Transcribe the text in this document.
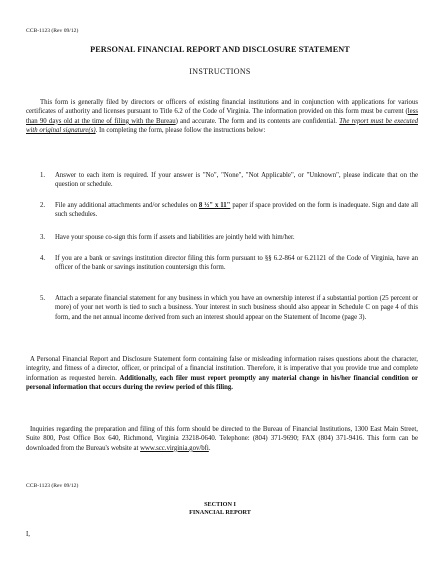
CCB-1123 (Rev 09/12)
PERSONAL FINANCIAL REPORT AND DISCLOSURE STATEMENT
INSTRUCTIONS

This form is generally filed by directors or officers of existing financial institutions and in conjunction with applications for various certificates of authority and licenses pursuant to Title 6.2 of the Code of Virginia. The information provided on this form must be current (less than 90 days old at the time of filing with the Bureau) and accurate. The form and its contents are confidential. The report must be executed with original signature(s). In completing the form, please follow the instructions below:

1. Answer to each item is required. If your answer is "No", "None", "Not Applicable", or "Unknown", please indicate that on the question or schedule.
2. File any additional attachments and/or schedules on 8 ½" x 11" paper if space provided on the form is inadequate. Sign and date all such schedules.
3. Have your spouse co-sign this form if assets and liabilities are jointly held with him/her.
4. If you are a bank or savings institution director filing this form pursuant to §§ 6.2-864 or 6.21121 of the Code of Virginia, have an officer of the bank or savings institution countersign this form.
5. Attach a separate financial statement for any business in which you have an ownership interest if a substantial portion (25 percent or more) of your net worth is tied to such a business. Your interest in such business should also appear in Schedule C on page 4 of this form, and the net annual income derived from such an interest should appear on the Statement of Income (page 3).

A Personal Financial Report and Disclosure Statement form containing false or misleading information raises questions about the character, integrity, and fitness of a director, officer, or principal of a financial institution. Therefore, it is imperative that you provide true and complete information as requested herein. Additionally, each filer must report promptly any material change in his/her financial condition or personal information that occurs during the review period of this filing.

Inquiries regarding the preparation and filing of this form should be directed to the Bureau of Financial Institutions, 1300 East Main Street, Suite 800, Post Office Box 640, Richmond, Virginia 23218-0640. Telephone: (804) 371-9690; FAX (804) 371-9416. This form can be downloaded from the Bureau's website at www.scc.virginia.gov/bfi.

CCB-1123 (Rev 09/12)
SECTION I
FINANCIAL REPORT
I,
